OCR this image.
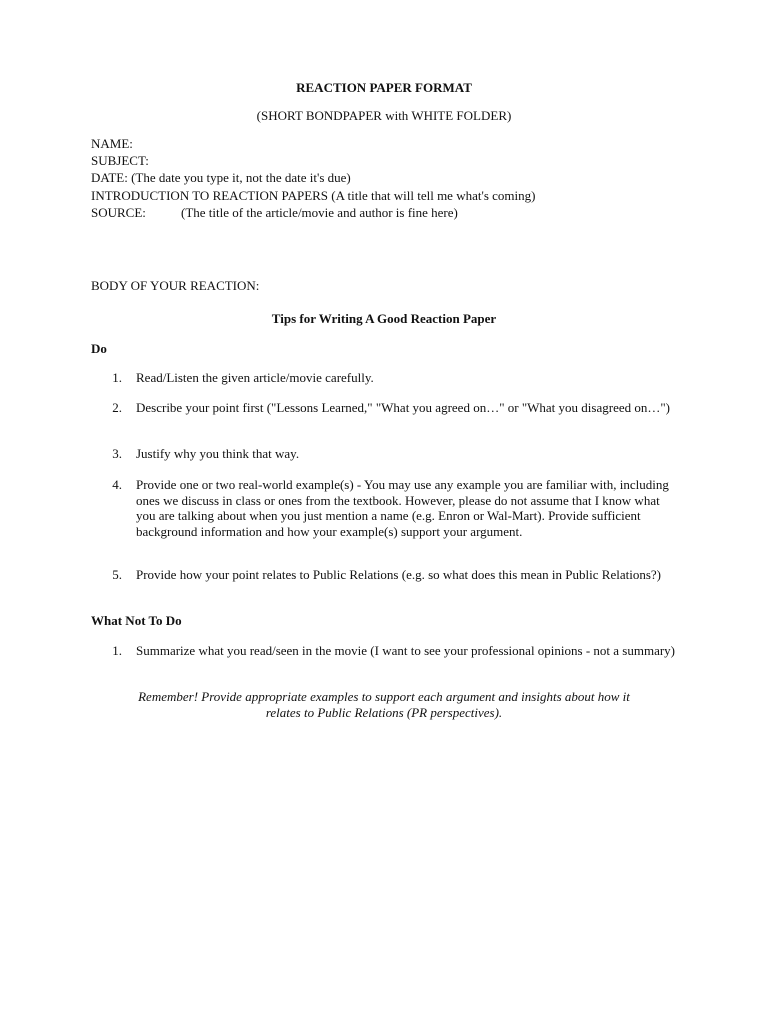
REACTION PAPER FORMAT

(SHORT BONDPAPER with WHITE FOLDER)

NAME:

SUBJECT:

DATE: (The date you type it, not the date it's due)

INTRODUCTION TO REACTION PAPERS (A title that will tell me what's coming)

SOURCE:	(The title of the article/movie and author is fine here)

BODY OF YOUR REACTION:

Tips for Writing A Good Reaction Paper

Do

1. Read/Listen the given article/movie carefully.
2. Describe your point first ("Lessons Learned," "What you agreed on…" or "What you disagreed on…")
3. Justify why you think that way.
4. Provide one or two real-world example(s) - You may use any example you are familiar with, including ones we discuss in class or ones from the textbook. However, please do not assume that I know what you are talking about when you just mention a name (e.g. Enron or Wal-Mart). Provide sufficient background information and how your example(s) support your argument.
5. Provide how your point relates to Public Relations (e.g. so what does this mean in Public Relations?)

What Not To Do

1. Summarize what you read/seen in the movie (I want to see your professional opinions - not a summary)

Remember! Provide appropriate examples to support each argument and insights about how it

relates to Public Relations (PR perspectives).
